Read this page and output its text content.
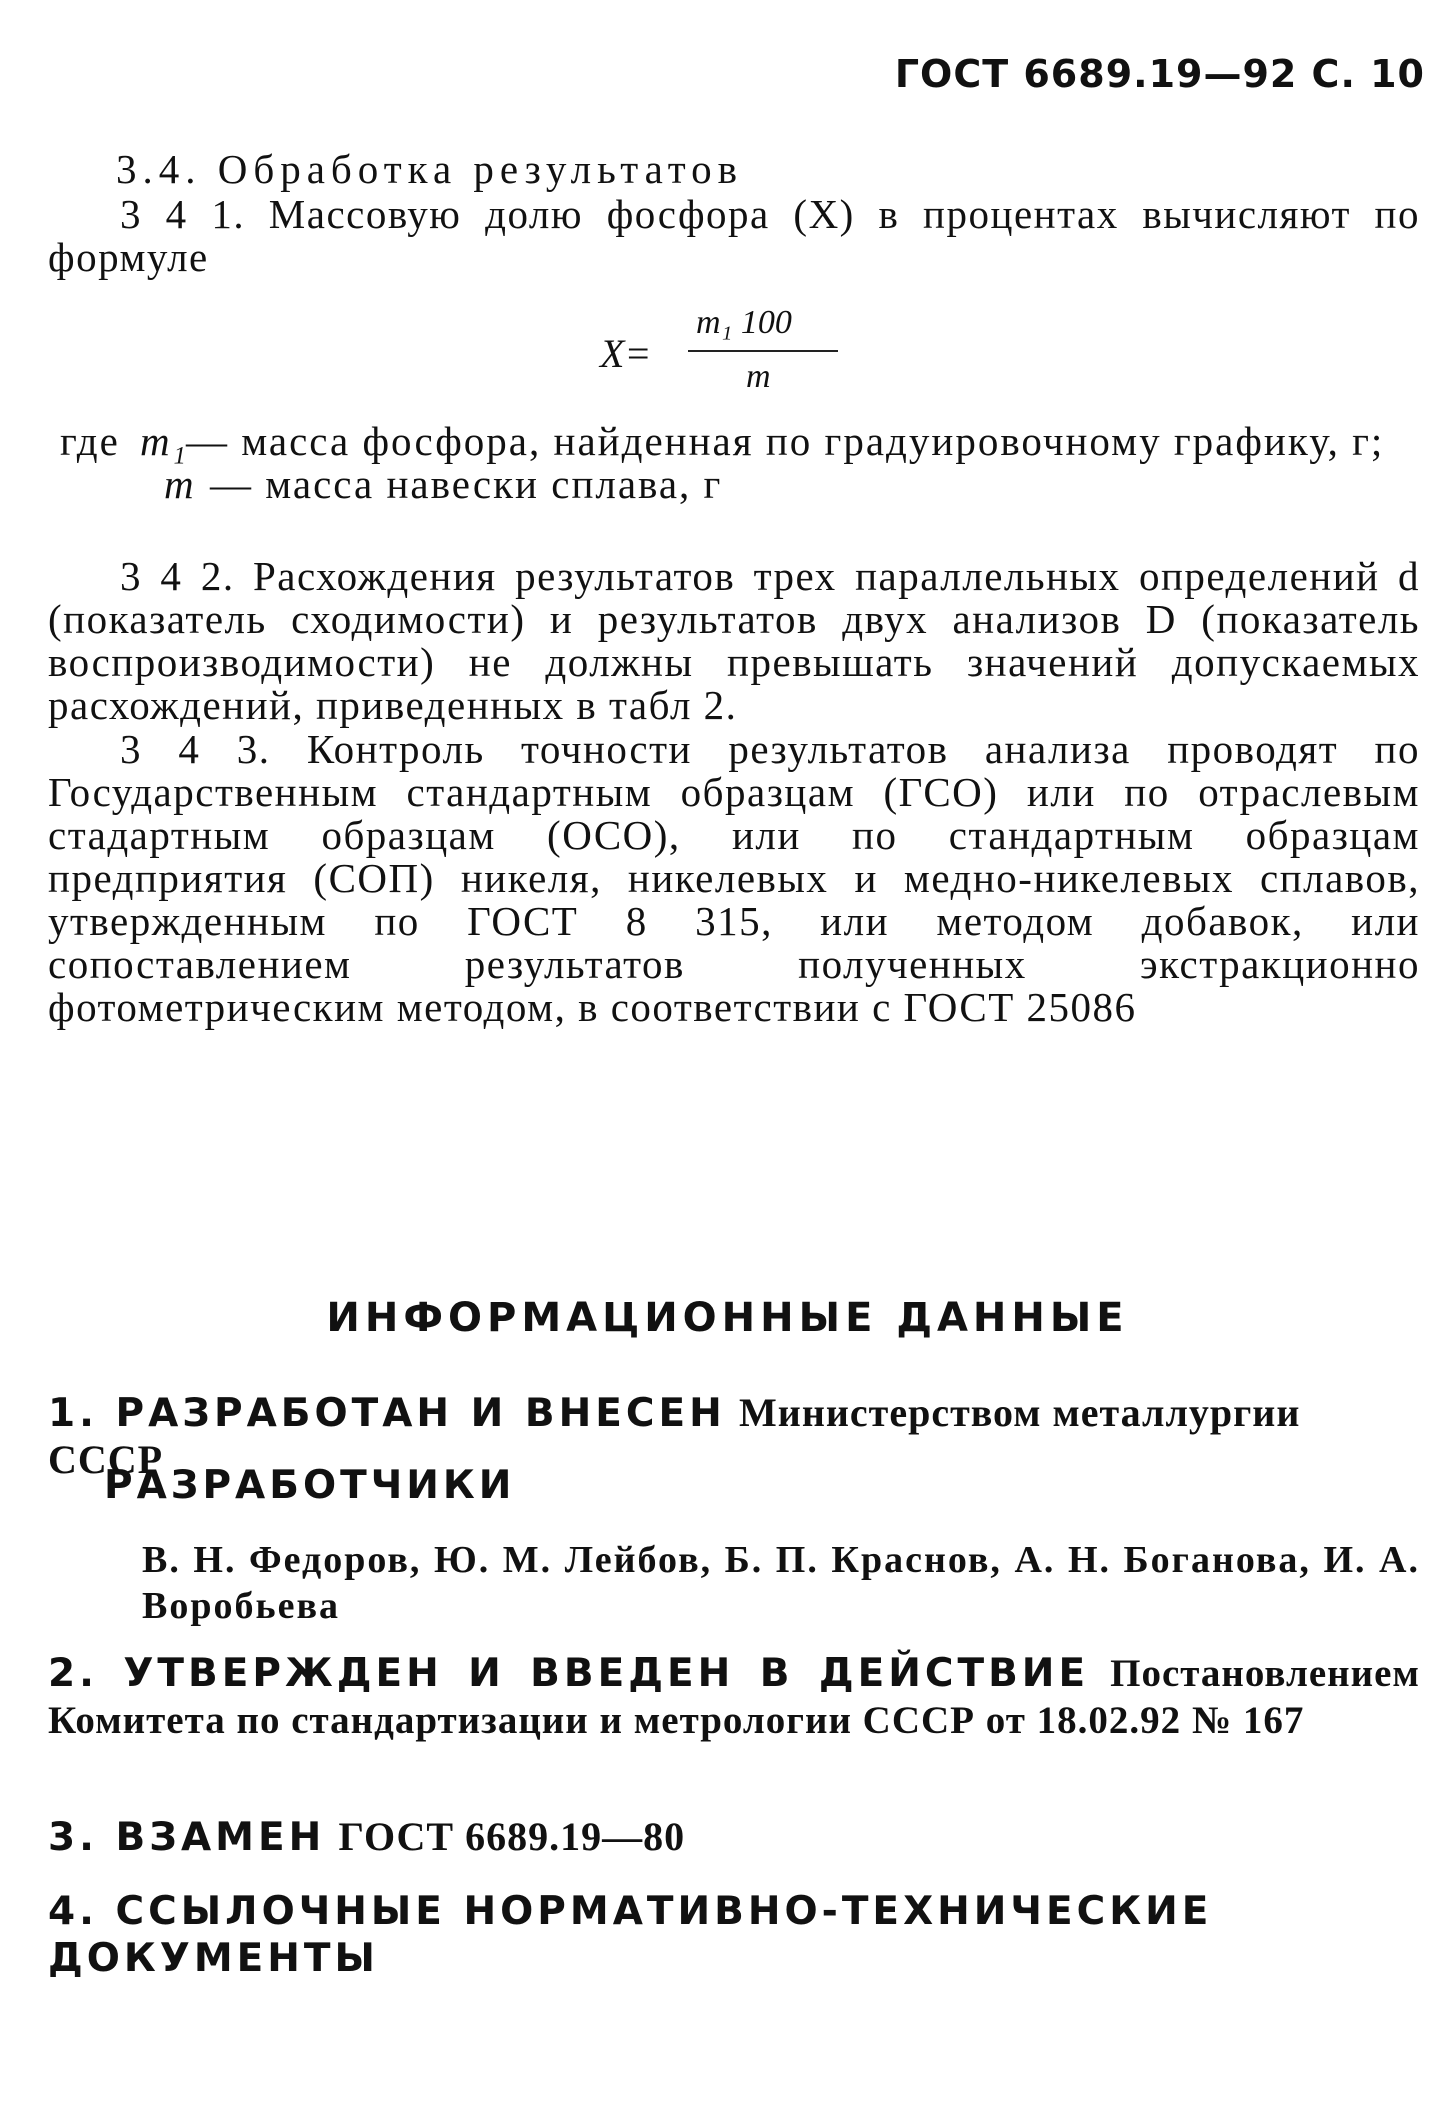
ГОСТ 6689.19—92 С. 10
3.4. Обработка результатов
3 4 1. Массовую долю фосфора (X) в процентах вычисляют по формуле
X=
m₁ 100
m
где m₁
— масса фосфора, найденная по градуировочному графику, г;
m — масса навески сплава, г
3 4 2. Расхождения результатов трех параллельных определений d (показатель сходимости) и результатов двух анализов D (показатель воспроизводимости) не должны превышать значений допускаемых расхождений, приведенных в табл 2.
3 4 3. Контроль точности результатов анализа проводят по Государственным стандартным образцам (ГСО) или по отраслевым стадартным образцам (ОСО), или по стандартным образцам предприятия (СОП) никеля, никелевых и медно-никелевых сплавов, утвержденным по ГОСТ 8 315, или методом добавок, или сопоставлением результатов полученных экстракционно фотометрическим методом, в соответствии с ГОСТ 25086
ИНФОРМАЦИОННЫЕ ДАННЫЕ
1. РАЗРАБОТАН И ВНЕСЕН Министерством металлургии СССР
РАЗРАБОТЧИКИ
В. Н. Федоров, Ю. М. Лейбов, Б. П. Краснов, А. Н. Боганова, И. А. Воробьева
2. УТВЕРЖДЕН И ВВЕДЕН В ДЕЙСТВИЕ Постановлением Комитета по стандартизации и метрологии СССР от 18.02.92 № 167
3. ВЗАМЕН ГОСТ 6689.19—80
4. ССЫЛОЧНЫЕ НОРМАТИВНО-ТЕХНИЧЕСКИЕ ДОКУМЕНТЫ
